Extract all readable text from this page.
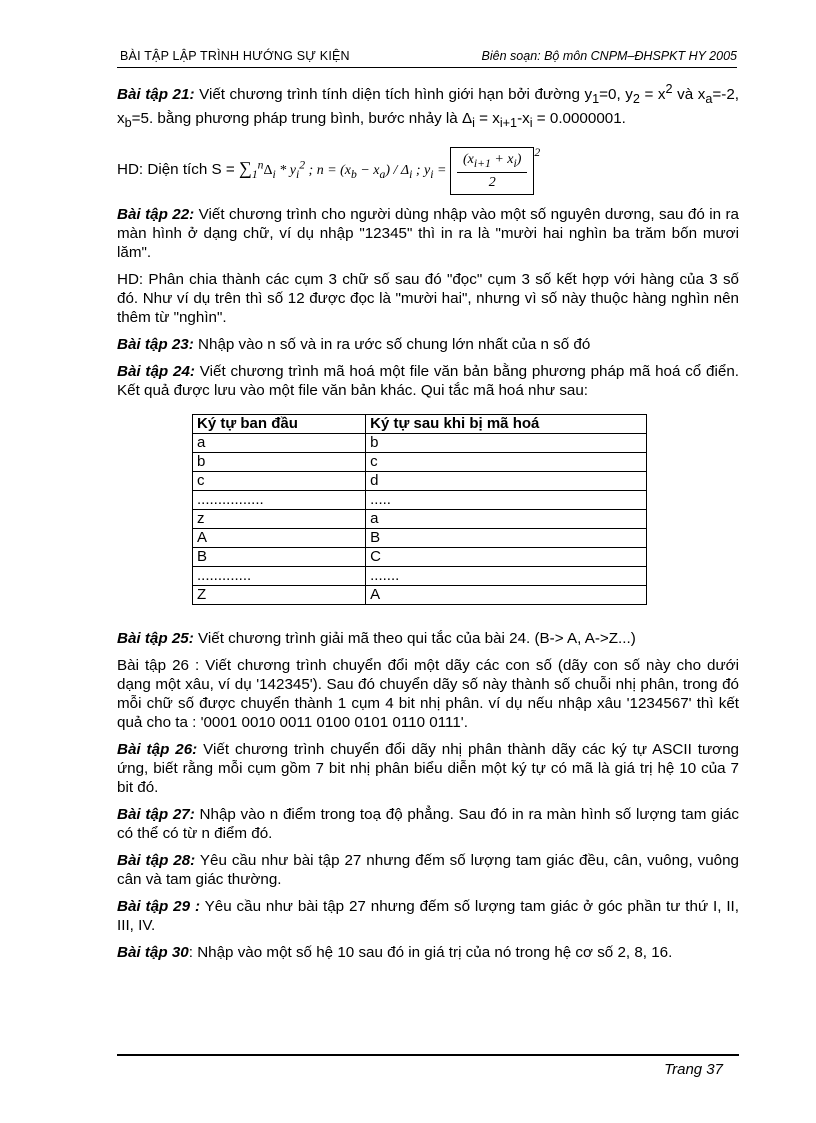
BÀI TẬP LẬP TRÌNH HƯỚNG SỰ KIỆN	Biên soạn: Bộ môn CNPM–ĐHSPKT HY 2005

Bài tập 21: Viết chương trình tính diện tích hình giới hạn bởi đường $y_1=0$, $y_2 = x^2$ và $x_a=-2$, $x_b=5$. bằng phương pháp trung bình, bước nhảy là $\Delta_i = x_{i+1}-x_i = 0.0000001$.

HD: Diện tích $S = \sum_1^n\Delta_i * y_i^2$ ; $n = (x_b - x_a) / \Delta_i$ ; $y_i = \frac{(x_{i+1} + x_i)}{2} ^2$

Bài tập 22: Viết chương trình cho người dùng nhập vào một số nguyên dương, sau đó in ra màn hình ở dạng chữ, ví dụ nhập "12345" thì in ra là "mười hai nghìn ba trăm bốn mươi lăm".

HD: Phân chia thành các cụm 3 chữ số sau đó "đọc" cụm 3 số kết hợp với hàng của 3 số đó. Như ví dụ trên thì số 12 được đọc là "mười hai", nhưng vì số này thuộc hàng nghìn nên thêm từ "nghìn".

Bài tập 23: Nhập vào n số và in ra ước số chung lớn nhất của n số đó

Bài tập 24: Viết chương trình mã hoá một file văn bản bằng phương pháp mã hoá cổ điển. Kết quả được lưu vào một file văn bản khác. Qui tắc mã hoá như sau:

Ký tự ban đầu	Ký tự sau khi bị mã hoá
a	b
b	c
c	d
................	.....
z	a
A	B
B	C
.............	.......
Z	A

Bài tập 25: Viết chương trình giải mã theo qui tắc của bài 24. (B-> A, A->Z...)

Bài tập 26 : Viết chương trình chuyển đổi một dãy các con số (dãy con số này cho dưới dạng một xâu, ví dụ '142345'). Sau đó chuyển dãy số này thành số chuỗi nhị phân, trong đó mỗi chữ số được chuyển thành 1 cụm 4 bit nhị phân. ví dụ nếu nhập xâu '1234567' thì kết quả cho ta : '0001 0010 0011 0100 0101 0110 0111'.

Bài tập 26: Viết chương trình chuyển đổi dãy nhị phân thành dãy các ký tự ASCII tương ứng, biết rằng mỗi cụm gồm 7 bit nhị phân biểu diễn một ký tự có mã là giá trị hệ 10 của 7 bit đó.

Bài tập 27: Nhập vào n điểm trong toạ độ phẳng. Sau đó in ra màn hình số lượng tam giác có thể có từ n điểm đó.

Bài tập 28: Yêu cầu như bài tập 27 nhưng đếm số lượng tam giác đều, cân, vuông, vuông cân và tam giác thường.

Bài tập 29 : Yêu cầu như bài tập 27 nhưng đếm số lượng tam giác ở góc phần tư thứ I, II, III, IV.

Bài tập 30: Nhập vào một số hệ 10 sau đó in giá trị của nó trong hệ cơ số 2, 8, 16.

Trang 37
